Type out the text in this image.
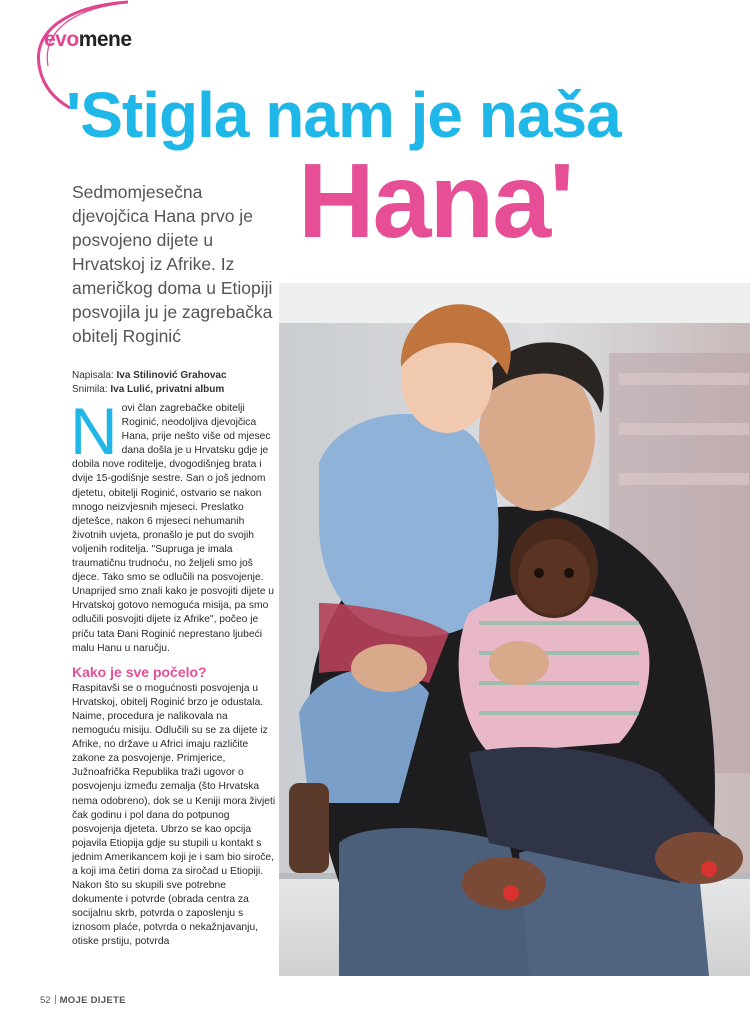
evomene
'Stigla nam je naša
Hana'
Sedmomjesečna djevojčica Hana prvo je posvojeno dijete u Hrvatskoj iz Afrike. Iz američkog doma u Etiopiji posvojila ju je zagrebačka obitelj Roginić
Napisala: Iva Stilinović Grahovac
Snimila: Iva Lulić, privatni album
N ovi član zagrebačke obitelji Roginić, neodoljiva djevojčica Hana, prije nešto više od mjesec dana došla je u Hrvatsku gdje je dobila nove roditelje, dvogodišnjeg brata i dvije 15-godišnje sestre. San o još jednom djetetu, obitelji Roginić, ostvario se nakon mnogo neizvjesnih mjeseci. Preslatko djetešce, nakon 6 mjeseci nehumanih životnih uvjeta, pronašlo je put do svojih voljenih roditelja. "Supruga je imala traumatičnu trudnoću, no željeli smo još djece. Tako smo se odlučili na posvojenje. Unaprijed smo znali kako je posvojiti dijete u Hrvatskoj gotovo nemoguća misija, pa smo odlučili posvojiti dijete iz Afrike", počeo je priču tata Đani Roginić neprestano ljubeći malu Hanu u naručju.

Kako je sve počelo?

Raspitavši se o mogućnosti posvojenja u Hrvatskoj, obitelj Roginić brzo je odustala. Naime, procedura je nalikovala na nemoguću misiju. Odlučili su se za dijete iz Afrike, no države u Africi imaju različite zakone za posvojenje. Primjerice, Južnoafrička Republika traži ugovor o posvojenju između zemalja (što Hrvatska nema odobreno), dok se u Keniji mora živjeti čak godinu i pol dana do potpunog posvojenja djeteta. Ubrzo se kao opcija pojavila Etiopija gdje su stupili u kontakt s jednim Amerikancem koji je i sam bio siroče, a koji ima četiri doma za siročad u Etiopiji. Nakon što su skupili sve potrebne dokumente i potvrde (obrada centra za socijalnu skrb, potvrda o zaposlenju s iznosom plaće, potvrda o nekažnjavanju, otiske prstiju, potvrda

52 MOJE DIJETE
